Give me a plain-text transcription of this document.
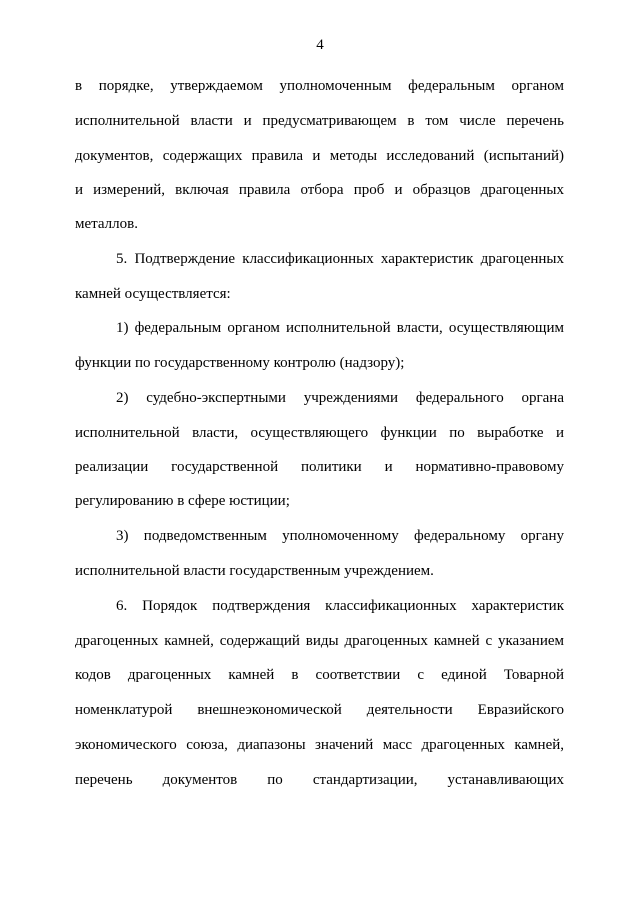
4
в порядке, утверждаемом уполномоченным федеральным органом
исполнительной власти и предусматривающем в том числе перечень
документов, содержащих правила и методы исследований (испытаний)
и измерений, включая правила отбора проб и образцов драгоценных
металлов.
5. Подтверждение классификационных характеристик драгоценных
камней осуществляется:
1) федеральным органом исполнительной власти, осуществляющим
функции по государственному контролю (надзору);
2) судебно-экспертными учреждениями федерального органа
исполнительной власти, осуществляющего функции по выработке и
реализации государственной политики и нормативно-правовому
регулированию в сфере юстиции;
3) подведомственным уполномоченному федеральному органу
исполнительной власти государственным учреждением.
6. Порядок подтверждения классификационных характеристик
драгоценных камней, содержащий виды драгоценных камней с указанием
кодов драгоценных камней в соответствии с единой Товарной
номенклатурой внешнеэкономической деятельности Евразийского
экономического союза, диапазоны значений масс драгоценных камней,
перечень документов по стандартизации, устанавливающих
